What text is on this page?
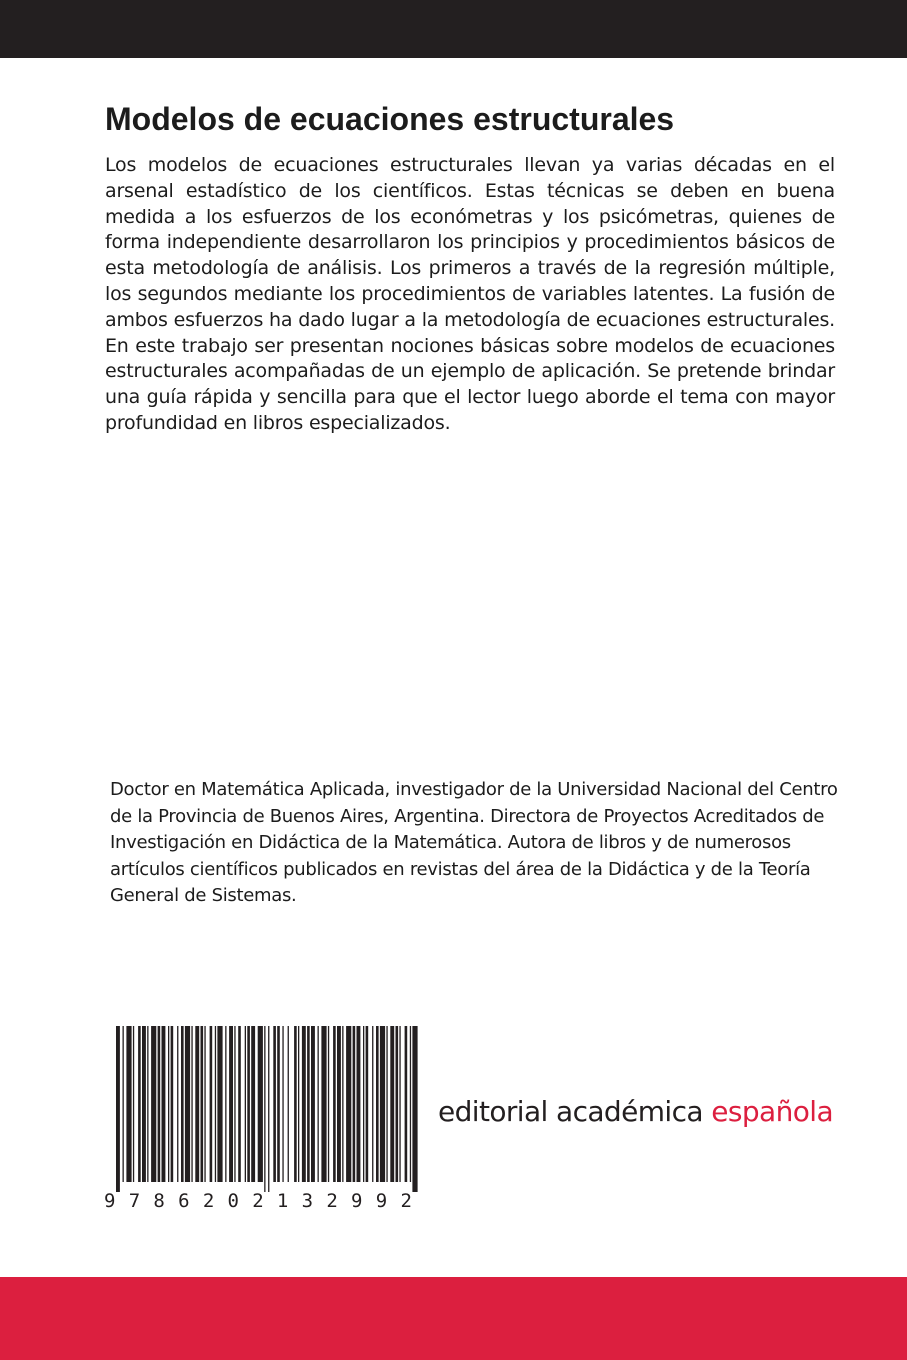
Modelos de ecuaciones estructurales

Los modelos de ecuaciones estructurales llevan ya varias décadas en el arsenal estadístico de los científicos. Estas técnicas se deben en buena medida a los esfuerzos de los económetras y los psicómetras, quienes de forma independiente desarrollaron los principios y procedimientos básicos de esta metodología de análisis. Los primeros a través de la regresión múltiple, los segundos mediante los procedimientos de variables latentes. La fusión de ambos esfuerzos ha dado lugar a la metodología de ecuaciones estructurales. En este trabajo ser presentan nociones básicas sobre modelos de ecuaciones estructurales acompañadas de un ejemplo de aplicación. Se pretende brindar una guía rápida y sencilla para que el lector luego aborde el tema con mayor profundidad en libros especializados.

Doctor en Matemática Aplicada, investigador de la Universidad Nacional del Centro de la Provincia de Buenos Aires, Argentina. Directora de Proyectos Acreditados de Investigación en Didáctica de la Matemática. Autora de libros y de numerosos artículos científicos publicados en revistas del área de la Didáctica y de la Teoría General de Sistemas.

9 7 8 6 2 0 2 1 3 2 9 9 2

editorial académica española
